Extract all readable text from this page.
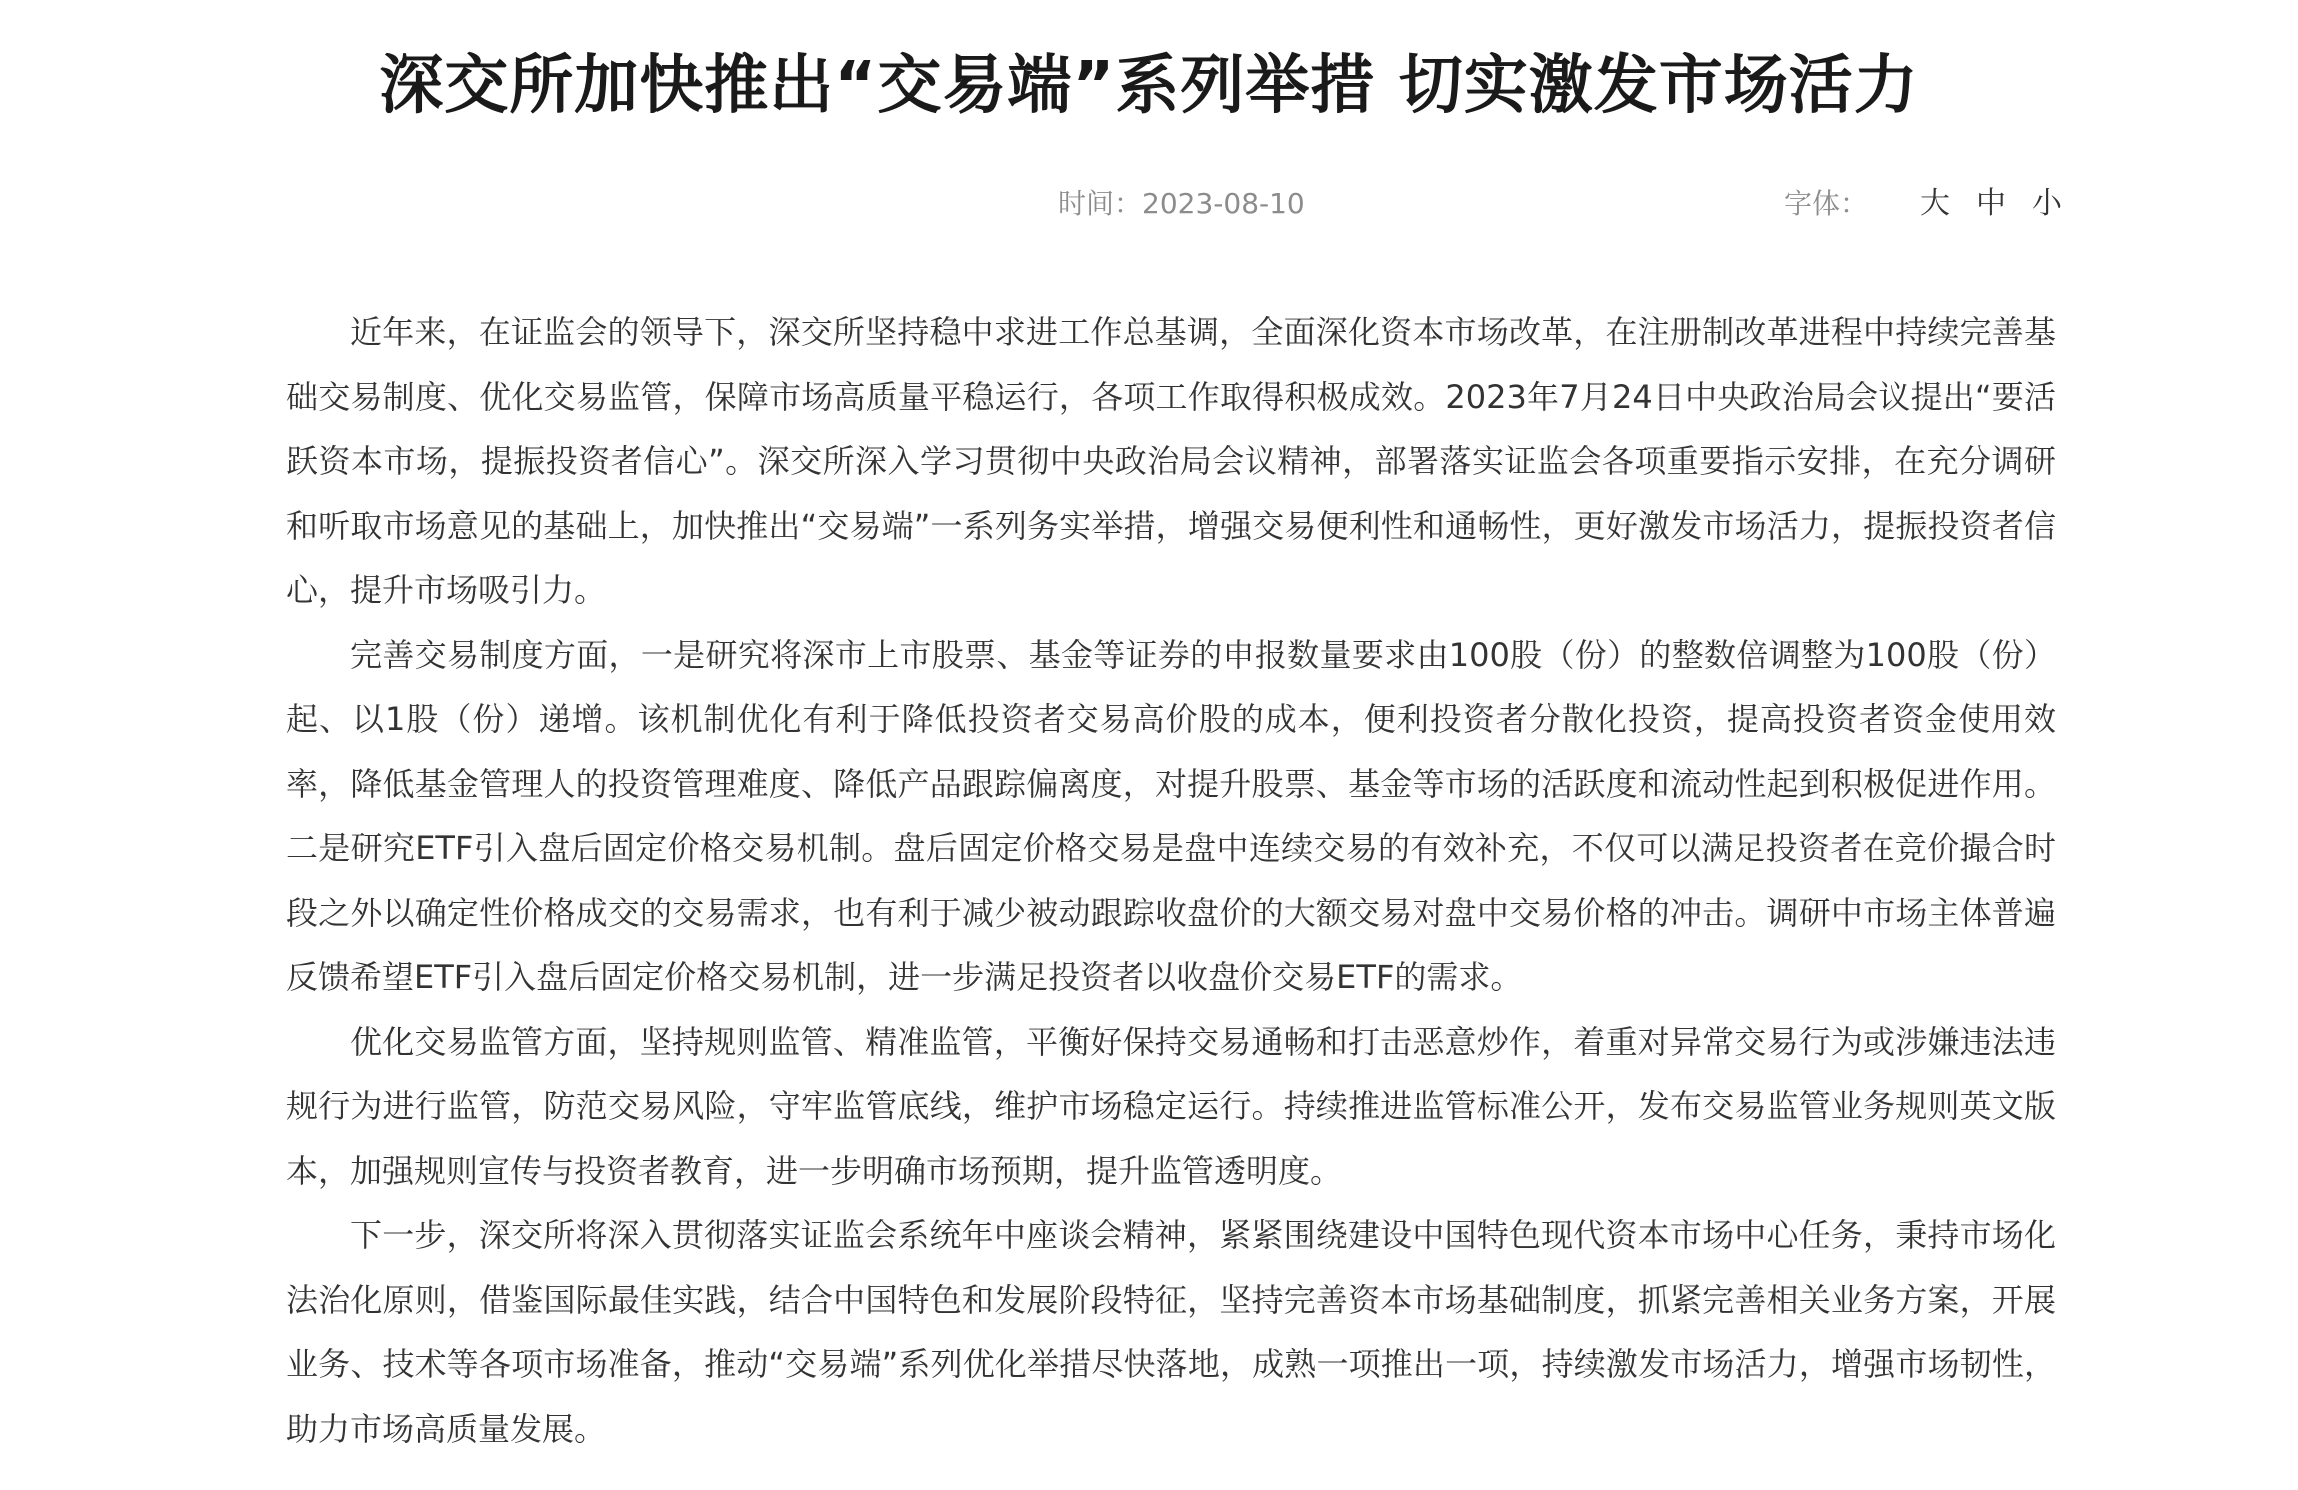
深交所加快推出“交易端”系列举措 切实激发市场活力
时间：2023-08-10	字体： 大 中 小

近年来，在证监会的领导下，深交所坚持稳中求进工作总基调，全面深化资本市场改革，在注册制改革进程中持续完善基础交易制度、优化交易监管，保障市场高质量平稳运行，各项工作取得积极成效。2023年7月24日中央政治局会议提出“要活跃资本市场，提振投资者信心”。深交所深入学习贯彻中央政治局会议精神，部署落实证监会各项重要指示安排，在充分调研和听取市场意见的基础上，加快推出“交易端”一系列务实举措，增强交易便利性和通畅性，更好激发市场活力，提振投资者信心，提升市场吸引力。

完善交易制度方面，一是研究将深市上市股票、基金等证券的申报数量要求由100股（份）的整数倍调整为100股（份）起、以1股（份）递增。该机制优化有利于降低投资者交易高价股的成本，便利投资者分散化投资，提高投资者资金使用效率，降低基金管理人的投资管理难度、降低产品跟踪偏离度，对提升股票、基金等市场的活跃度和流动性起到积极促进作用。二是研究ETF引入盘后固定价格交易机制。盘后固定价格交易是盘中连续交易的有效补充，不仅可以满足投资者在竞价撮合时段之外以确定性价格成交的交易需求，也有利于减少被动跟踪收盘价的大额交易对盘中交易价格的冲击。调研中市场主体普遍反馈希望ETF引入盘后固定价格交易机制，进一步满足投资者以收盘价交易ETF的需求。

优化交易监管方面，坚持规则监管、精准监管，平衡好保持交易通畅和打击恶意炒作，着重对异常交易行为或涉嫌违法违规行为进行监管，防范交易风险，守牢监管底线，维护市场稳定运行。持续推进监管标准公开，发布交易监管业务规则英文版本，加强规则宣传与投资者教育，进一步明确市场预期，提升监管透明度。

下一步，深交所将深入贯彻落实证监会系统年中座谈会精神，紧紧围绕建设中国特色现代资本市场中心任务，秉持市场化法治化原则，借鉴国际最佳实践，结合中国特色和发展阶段特征，坚持完善资本市场基础制度，抓紧完善相关业务方案，开展业务、技术等各项市场准备，推动“交易端”系列优化举措尽快落地，成熟一项推出一项，持续激发市场活力，增强市场韧性，助力市场高质量发展。
